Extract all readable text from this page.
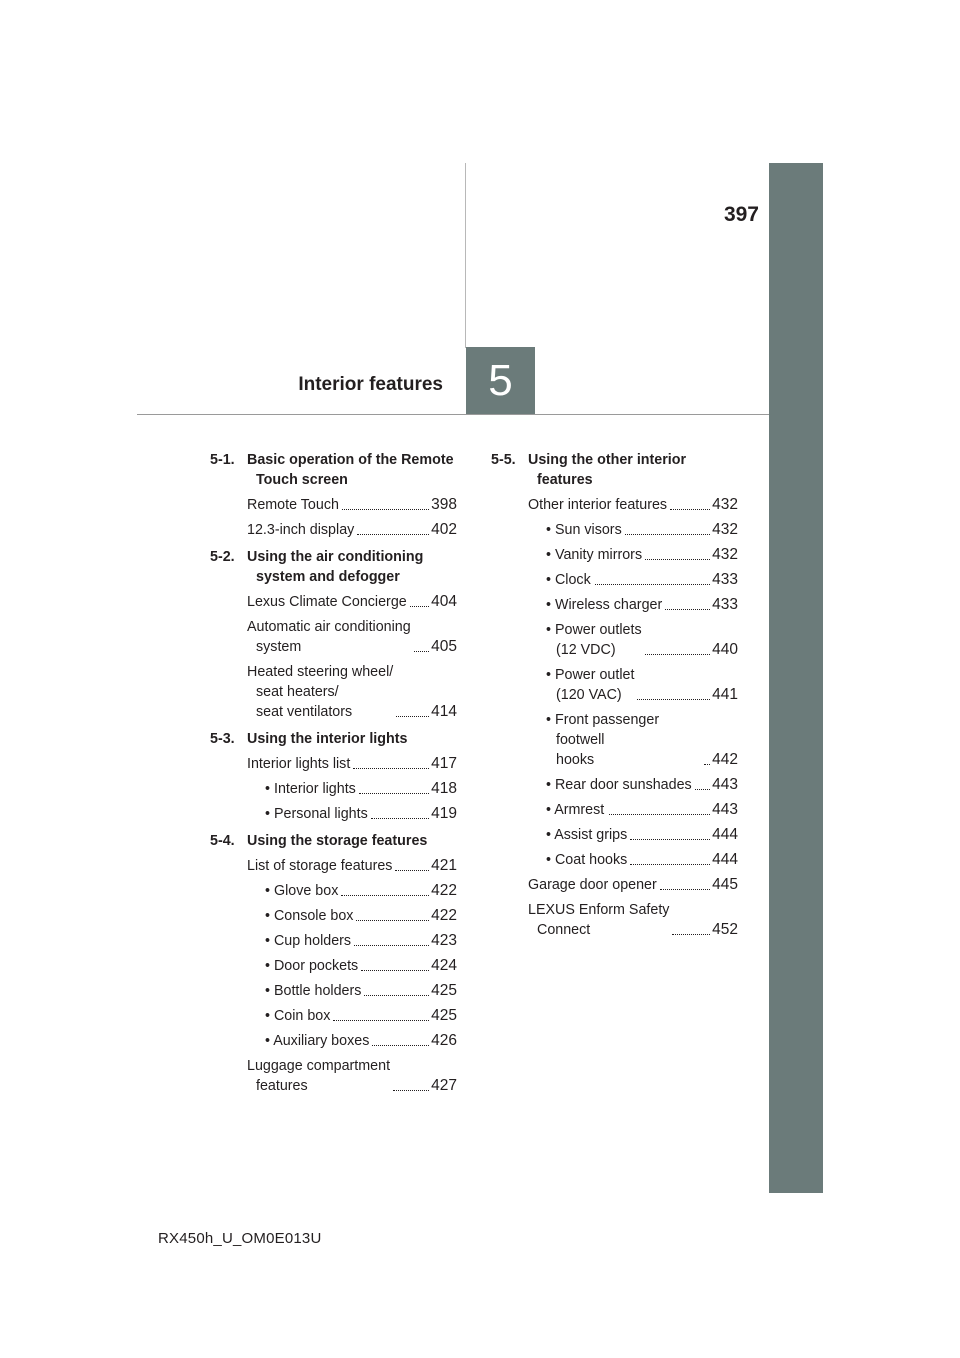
397
Interior features	5
5-1. Basic operation of the Remote Touch screen
Remote Touch	398
12.3-inch display	402
5-2. Using the air conditioning system and defogger
Lexus Climate Concierge 404
Automatic air conditioning
system	405
Heated steering wheel/
seat heaters/
seat ventilators	414
5-3. Using the interior lights
Interior lights list	417
• Interior lights	418
• Personal lights	419
5-4. Using the storage features
List of storage features 421
• Glove box	422
• Console box	422
• Cup holders	423
• Door pockets	424
• Bottle holders	425
• Coin box	425
• Auxiliary boxes	426
Luggage compartment
features	427
5-5. Using the other interior features
Other interior features	432
• Sun visors	432
• Vanity mirrors	432
• Clock	433
• Wireless charger	433
• Power outlets
(12 VDC)	440
• Power outlet
(120 VAC)	441
• Front passenger footwell
hooks	442
• Rear door sunshades 443
• Armrest	443
• Assist grips	444
• Coat hooks	444
Garage door opener	445
LEXUS Enform Safety
Connect	452
RX450h_U_OM0E013U
